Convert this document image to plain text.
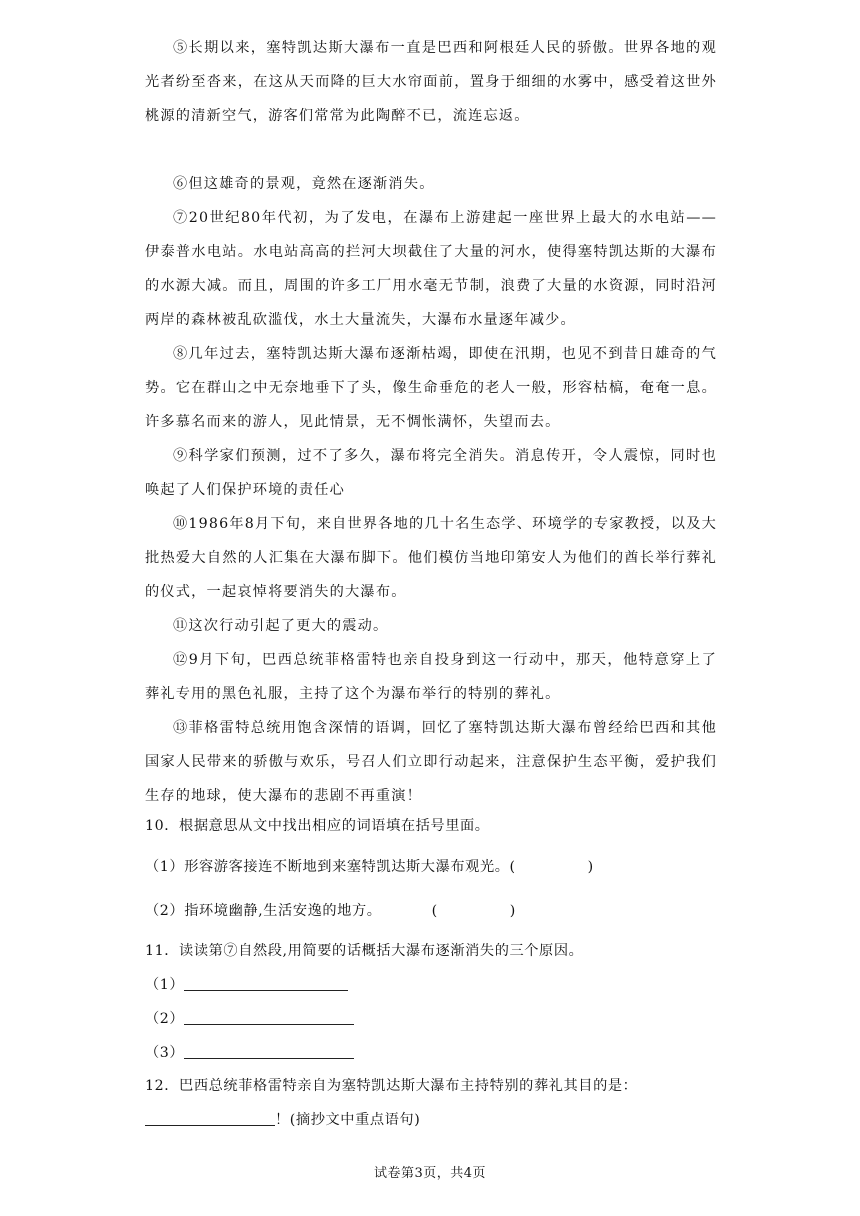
⑤长期以来，塞特凯达斯大瀑布一直是巴西和阿根廷人民的骄傲。世界各地的观光者纷至沓来，在这从天而降的巨大水帘面前，置身于细细的水雾中，感受着这世外桃源的清新空气，游客们常常为此陶醉不已，流连忘返。

⑥但这雄奇的景观，竟然在逐渐消失。

⑦20世纪80年代初，为了发电，在瀑布上游建起一座世界上最大的水电站——伊泰普水电站。水电站高高的拦河大坝截住了大量的河水，使得塞特凯达斯的大瀑布的水源大减。而且，周围的许多工厂用水毫无节制，浪费了大量的水资源，同时沿河两岸的森林被乱砍滥伐，水土大量流失，大瀑布水量逐年减少。

⑧几年过去，塞特凯达斯大瀑布逐渐枯竭，即使在汛期，也见不到昔日雄奇的气势。它在群山之中无奈地垂下了头，像生命垂危的老人一般，形容枯槁，奄奄一息。许多慕名而来的游人，见此情景，无不惆怅满怀，失望而去。

⑨科学家们预测，过不了多久，瀑布将完全消失。消息传开，令人震惊，同时也唤起了人们保护环境的责任心

⑩1986年8月下旬，来自世界各地的几十名生态学、环境学的专家教授，以及大批热爱大自然的人汇集在大瀑布脚下。他们模仿当地印第安人为他们的酋长举行葬礼的仪式，一起哀悼将要消失的大瀑布。

⑪这次行动引起了更大的震动。

⑫9月下旬，巴西总统菲格雷特也亲自投身到这一行动中，那天，他特意穿上了葬礼专用的黑色礼服，主持了这个为瀑布举行的特别的葬礼。

⑬菲格雷特总统用饱含深情的语调，回忆了塞特凯达斯大瀑布曾经给巴西和其他国家人民带来的骄傲与欢乐，号召人们立即行动起来，注意保护生态平衡，爱护我们生存的地球，使大瀑布的悲剧不再重演！

10．根据意思从文中找出相应的词语填在括号里面。

（1）形容游客接连不断地到来塞特凯达斯大瀑布观光。(	)

（2）指环境幽静,生活安逸的地方。	(	)

11．读读第⑦自然段,用简要的话概括大瀑布逐渐消失的三个原因。

（1）

（2）

（3）

12．巴西总统菲格雷特亲自为塞特凯达斯大瀑布主持特别的葬礼其目的是：

！(摘抄文中重点语句)

试卷第3页，共4页
